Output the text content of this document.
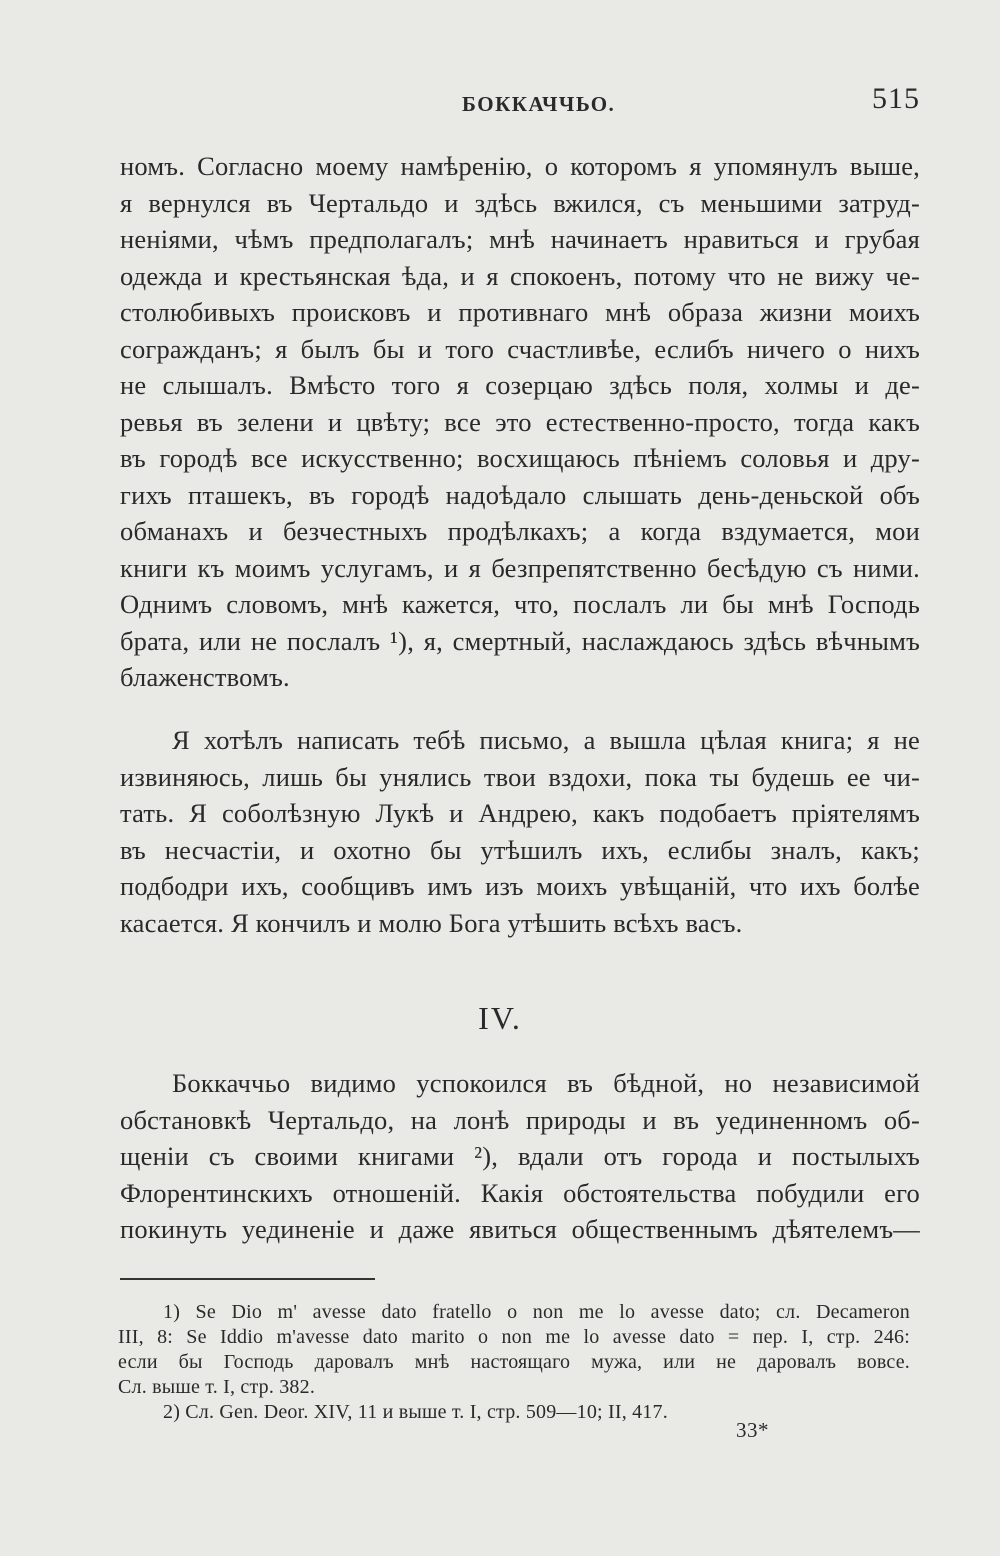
БОККАЧЧЬО.	515
номъ. Согласно моему намѣренію, о которомъ я упомянулъ выше,
я вернулся въ Чертальдо и здѣсь вжился, съ меньшими затруд-
неніями, чѣмъ предполагалъ; мнѣ начинаетъ нравиться и грубая
одежда и крестьянская ѣда, и я спокоенъ, потому что не вижу че-
столюбивыхъ происковъ и противнаго мнѣ образа жизни моихъ
согражданъ; я былъ бы и того счастливѣе, еслибъ ничего о нихъ
не слышалъ. Вмѣсто того я созерцаю здѣсь поля, холмы и де-
ревья въ зелени и цвѣту; все это естественно-просто, тогда какъ
въ городѣ все искусственно; восхищаюсь пѣніемъ соловья и дру-
гихъ пташекъ, въ городѣ надоѣдало слышать день-деньской объ
обманахъ и безчестныхъ продѣлкахъ; а когда вздумается, мои
книги къ моимъ услугамъ, и я безпрепятственно бесѣдую съ ними.
Однимъ словомъ, мнѣ кажется, что, послалъ ли бы мнѣ Господь
брата, или не послалъ ¹), я, смертный, наслаждаюсь здѣсь вѣчнымъ
блаженствомъ.
Я хотѣлъ написать тебѣ письмо, а вышла цѣлая книга; я не
извиняюсь, лишь бы унялись твои вздохи, пока ты будешь ее чи-
тать. Я соболѣзную Лукѣ и Андрею, какъ подобаетъ пріятелямъ
въ несчастіи, и охотно бы утѣшилъ ихъ, еслибы зналъ, какъ;
подбодри ихъ, сообщивъ имъ изъ моихъ увѣщаній, что ихъ болѣе
касается. Я кончилъ и молю Бога утѣшить всѣхъ васъ.
IV.
Боккаччьо видимо успокоился въ бѣдной, но независимой
обстановкѣ Чертальдо, на лонѣ природы и въ уединенномъ об-
щеніи съ своими книгами ²), вдали отъ города и постылыхъ
Флорентинскихъ отношеній. Какія обстоятельства побудили его
покинуть уединеніе и даже явиться общественнымъ дѣятелемъ—
1) Se Dio m' avesse dato fratello o non me lo avesse dato; сл. Decameron
III, 8: Se Iddio m'avesse dato marito o non me lo avesse dato = пер. I, стр. 246:
если бы Господь даровалъ мнѣ настоящаго мужа, или не даровалъ вовсе.
Сл. выше т. I, стр. 382.
2) Сл. Gen. Deor. XIV, 11 и выше т. I, стр. 509—10; II, 417.
33*
